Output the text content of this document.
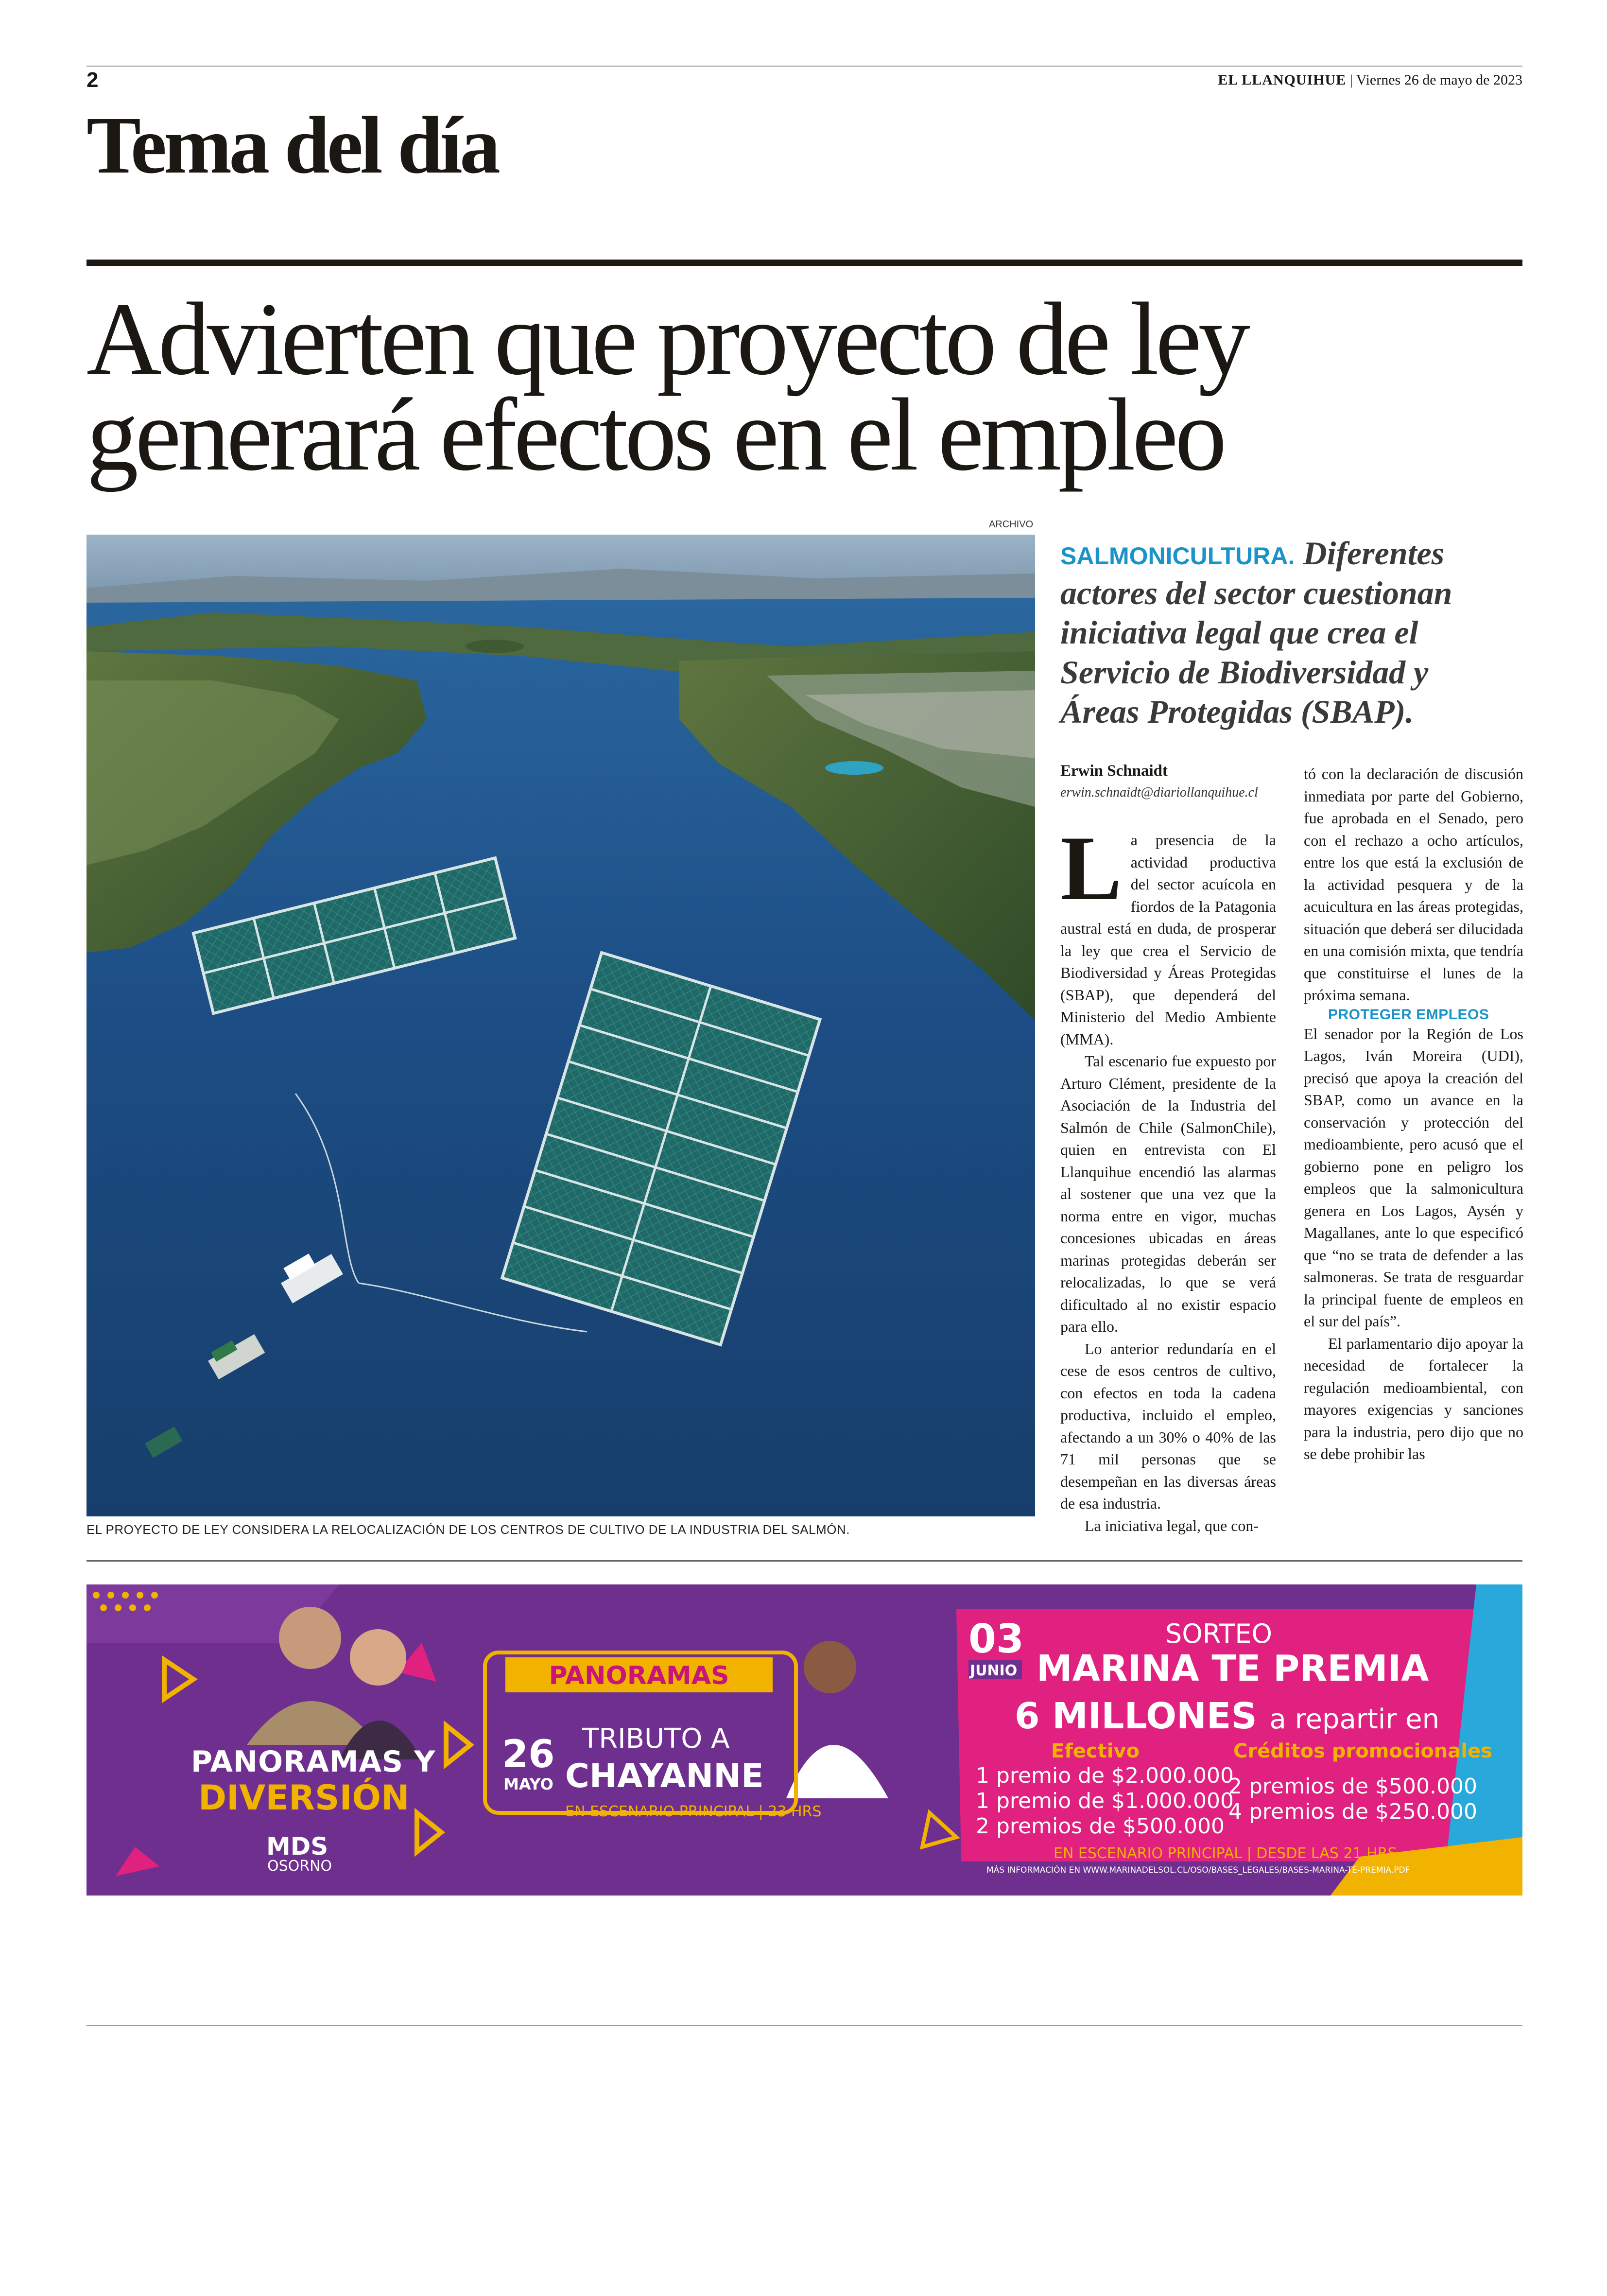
2	EL LLANQUIHUE | Viernes 26 de mayo de 2023
Tema del día
Advierten que proyecto de ley
generará efectos en el empleo
ARCHIVO
EL PROYECTO DE LEY CONSIDERA LA RELOCALIZACIÓN DE LOS CENTROS DE CULTIVO DE LA INDUSTRIA DEL SALMÓN.
SALMONICULTURA. Diferentes actores del sector cuestionan iniciativa legal que crea el Servicio de Biodiversidad y Áreas Protegidas (SBAP).
Erwin Schnaidt
erwin.schnaidt@diariollanquihue.cl

La presencia de la actividad productiva del sector acuícola en fiordos de la Patagonia austral está en duda, de prosperar la ley que crea el Servicio de Biodiversidad y Áreas Protegidas (SBAP), que dependerá del Ministerio del Medio Ambiente (MMA).

Tal escenario fue expuesto por Arturo Clément, presidente de la Asociación de la Industria del Salmón de Chile (SalmonChile), quien en entrevista con El Llanquihue encendió las alarmas al sostener que una vez que la norma entre en vigor, muchas concesiones ubicadas en áreas marinas protegidas deberán ser relocalizadas, lo que se verá dificultado al no existir espacio para ello.

Lo anterior redundaría en el cese de esos centros de cultivo, con efectos en toda la cadena productiva, incluido el empleo, afectando a un 30% o 40% de las 71 mil personas que se desempeñan en las diversas áreas de esa industria.

La iniciativa legal, que con-

tó con la declaración de discusión inmediata por parte del Gobierno, fue aprobada en el Senado, pero con el rechazo a ocho artículos, entre los que está la exclusión de la actividad pesquera y de la acuicultura en las áreas protegidas, situación que deberá ser dilucidada en una comisión mixta, que tendría que constituirse el lunes de la próxima semana.

PROTEGER EMPLEOS

El senador por la Región de Los Lagos, Iván Moreira (UDI), precisó que apoya la creación del SBAP, como un avance en la conservación y protección del medioambiente, pero acusó que el gobierno pone en peligro los empleos que la salmonicultura genera en Los Lagos, Aysén y Magallanes, ante lo que especificó que “no se trata de defender a las salmoneras. Se trata de resguardar la principal fuente de empleos en el sur del país”.

El parlamentario dijo apoyar la necesidad de fortalecer la regulación medioambiental, con mayores exigencias y sanciones para la industria, pero dijo que no se debe prohibir las

PANORAMAS Y
DIVERSIÓN
MDS
OSORNO
PANORAMAS
26
MAYO
TRIBUTO A
CHAYANNE
EN ESCENARIO PRINCIPAL | 23 HRS
03
JUNIO
SORTEO
MARINA TE PREMIA
6 MILLONES a repartir en
Efectivo	Créditos promocionales
1 premio de $2.000.000
1 premio de $1.000.000
2 premios de $500.000
2 premios de $500.000
4 premios de $250.000
EN ESCENARIO PRINCIPAL | DESDE LAS 21 HRS.
MÁS INFORMACIÓN EN WWW.MARINADELSOL.CL/OSO/BASES_LEGALES/BASES-MARINA-TE-PREMIA.PDF
